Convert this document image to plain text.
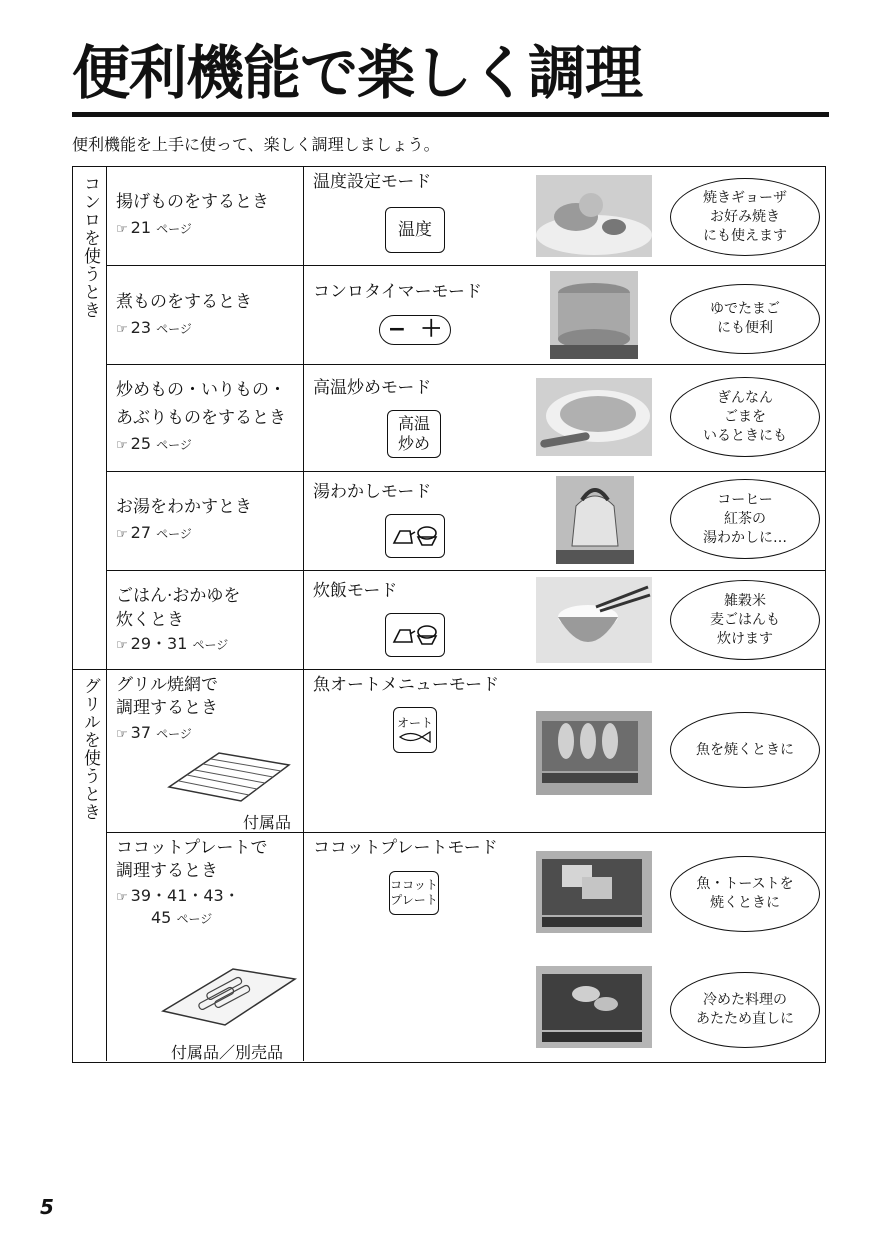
便利機能で楽しく調理
便利機能を上手に使って、楽しく調理しましょう。
コンロを使うとき
グリルを使うとき
揚げものをするとき
☞ 21 ページ
温度設定モード
温度
焼きギョーザ
お好み焼き
にも使えます
煮ものをするとき
☞ 23 ページ
コンロタイマーモード
− ＋
ゆでたまご
にも便利
炒めもの・いりもの・
あぶりものをするとき
☞ 25 ページ
高温炒めモード
高温
炒め
ぎんなん
ごまを
いるときにも
お湯をわかすとき
☞ 27 ページ
湯わかしモード	コーヒー
紅茶の
湯わかしに…
ごはん·おかゆを
炊くとき
☞ 29・31 ページ
炊飯モード	雑穀米
麦ごはんも
炊けます
グリル焼網で
調理するとき
☞ 37 ページ
付属品
魚オートメニューモード
オート
魚を焼くときに
ココットプレートで
調理するとき
☞ 39・41・43・
45 ページ
付属品／別売品
ココットプレートモード
ココット
プレート
魚・トーストを
焼くときに
冷めた料理の
あたため直しに
5
